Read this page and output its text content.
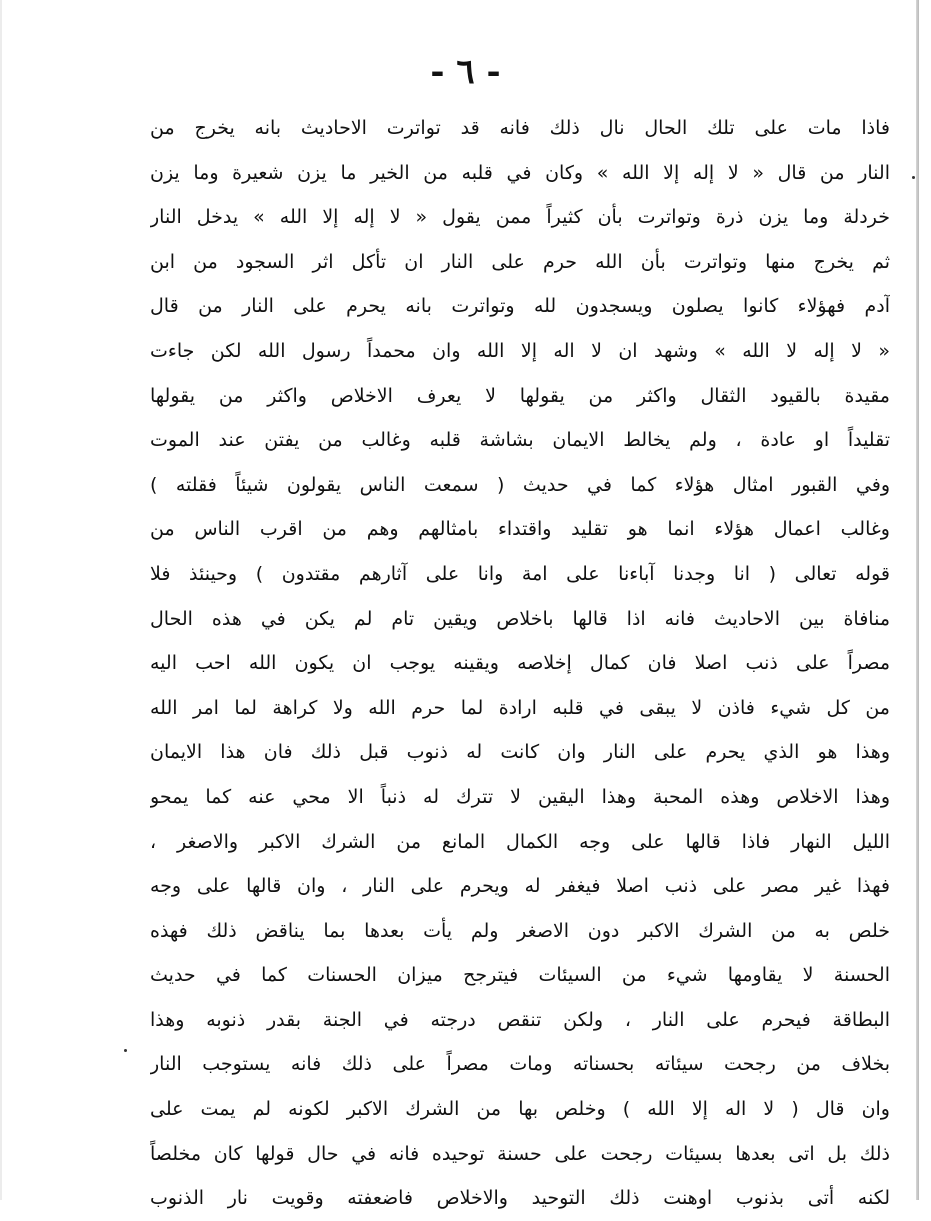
- ٦ -
فاذا مات على تلك الحال نال ذلك فانه قد تواترت الاحاديث بانه يخرج من
النار من قال « لا إله إلا الله » وكان في قلبه من الخير ما يزن شعيرة وما يزن
خردلة وما يزن ذرة وتواترت بأن كثيراً ممن يقول « لا إله إلا الله » يدخل النار
ثم يخرج منها وتواترت بأن الله حرم على النار ان تأكل اثر السجود من ابن
آدم فهؤلاء كانوا يصلون ويسجدون لله وتواترت بانه يحرم على النار من قال
« لا إله لا الله » وشهد ان لا اله إلا الله وان محمداً رسول الله لكن جاءت
مقيدة بالقيود الثقال واكثر من يقولها لا يعرف الاخلاص واكثر من يقولها
تقليداً او عادة ، ولم يخالط الايمان بشاشة قلبه وغالب من يفتن عند الموت
وفي القبور امثال هؤلاء كما في حديث ( سمعت الناس يقولون شيئاً فقلته )
وغالب اعمال هؤلاء انما هو تقليد واقتداء بامثالهم وهم من اقرب الناس من
قوله تعالى ( انا وجدنا آباءنا على امة وانا على آثارهم مقتدون ) وحينئذ فلا
منافاة بين الاحاديث فانه اذا قالها باخلاص ويقين تام لم يكن في هذه الحال
مصراً على ذنب اصلا فان كمال إخلاصه ويقينه يوجب ان يكون الله احب اليه
من كل شيء فاذن لا يبقى في قلبه ارادة لما حرم الله ولا كراهة لما امر الله
وهذا هو الذي يحرم على النار وان كانت له ذنوب قبل ذلك فان هذا الايمان
وهذا الاخلاص وهذه المحبة وهذا اليقين لا تترك له ذنباً الا محي عنه كما يمحو
الليل النهار فاذا قالها على وجه الكمال المانع من الشرك الاكبر والاصغر ،
فهذا غير مصر على ذنب اصلا فيغفر له ويحرم على النار ، وان قالها على وجه
خلص به من الشرك الاكبر دون الاصغر ولم يأت بعدها بما يناقض ذلك فهذه
الحسنة لا يقاومها شيء من السيئات فيترجح ميزان الحسنات كما في حديث
البطاقة فيحرم على النار ، ولكن تنقص درجته في الجنة بقدر ذنوبه وهذا
بخلاف من رجحت سيئاته بحسناته ومات مصراً على ذلك فانه يستوجب النار
وان قال ( لا اله إلا الله ) وخلص بها من الشرك الاكبر لكونه لم يمت على
ذلك بل اتى بعدها بسيئات رجحت على حسنة توحيده فانه في حال قولها كان مخلصاً
لكنه أتى بذنوب اوهنت ذلك التوحيد والاخلاص فاضعفته وقويت نار الذنوب
